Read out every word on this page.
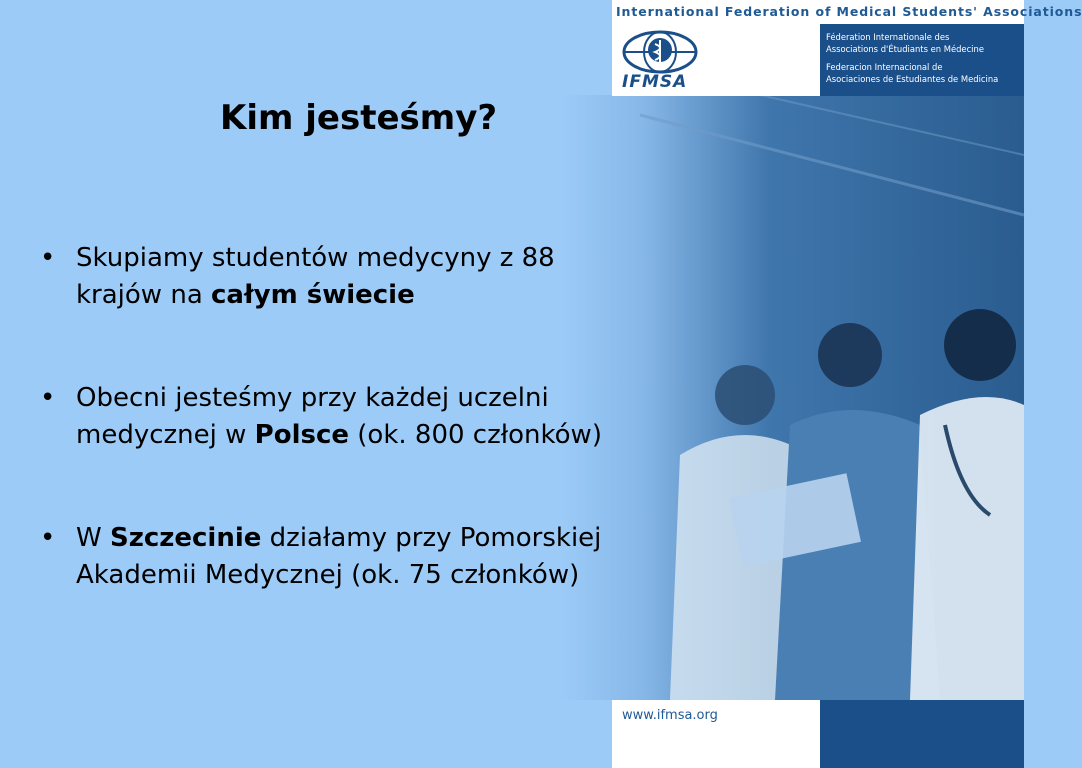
International Federation of Medical Students' Associations
IFMSA
Féderation Internationale des
Associations d'Étudiants en Médecine
Federacion Internacional de
Asociaciones de Estudiantes de Medicina
Kim jesteśmy?
• Skupiamy studentów medycyny z 88
krajów na całym świecie
• Obecni jesteśmy przy każdej uczelni
medycznej w Polsce (ok. 800 członków)
• W Szczecinie działamy przy Pomorskiej
Akademii Medycznej (ok. 75 członków)
www.ifmsa.org
